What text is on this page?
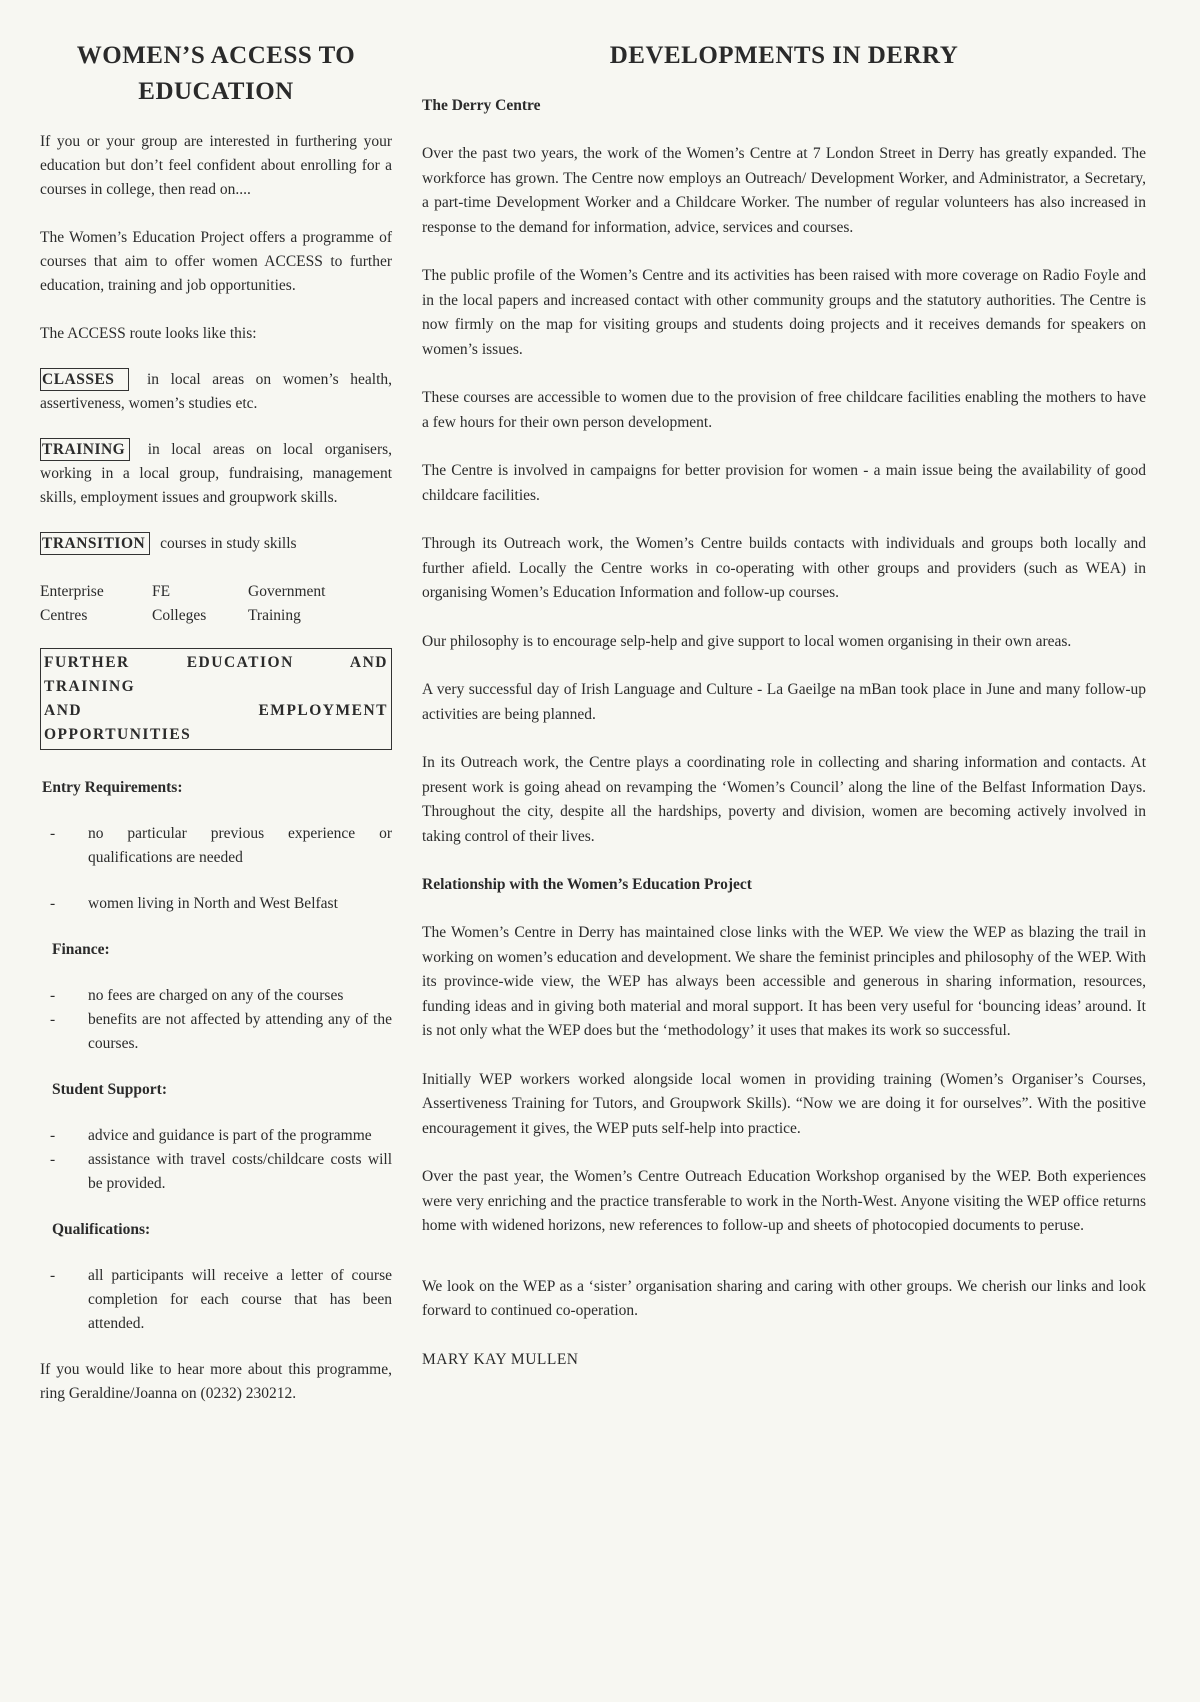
WOMEN’S ACCESS TO
EDUCATION

If you or your group are interested in furthering your education but don’t feel confident about enrolling for a courses in college, then read on....

The Women’s Education Project offers a programme of courses that aim to offer women ACCESS to further education, training and job opportunities.

The ACCESS route looks like this:

CLASSES in local areas on women’s health, assertiveness, women’s studies etc.

TRAINING in local areas on local organisers, working in a local group, fundraising, management skills, employment issues and groupwork skills.

TRANSITION courses in study skills

Enterprise
Centres
FE
Colleges
Government
Training
FURTHER EDUCATION AND
TRAINING
AND EMPLOYMENT
OPPORTUNITIES

Entry Requirements:

- no particular previous experience or qualifications are needed
- women living in North and West Belfast

Finance:

- no fees are charged on any of the courses
- benefits are not affected by attending any of the courses.

Student Support:

- advice and guidance is part of the programme
- assistance with travel costs/childcare costs will be provided.

Qualifications:

- all participants will receive a letter of course completion for each course that has been attended.

If you would like to hear more about this programme, ring Geraldine/Joanna on (0232) 230212.

DEVELOPMENTS IN DERRY

The Derry Centre

Over the past two years, the work of the Women’s Centre at 7 London Street in Derry has greatly expanded. The workforce has grown. The Centre now employs an Outreach/ Development Worker, and Administrator, a Secretary, a part-time Development Worker and a Childcare Worker. The number of regular volunteers has also increased in response to the demand for information, advice, services and courses.

The public profile of the Women’s Centre and its activities has been raised with more coverage on Radio Foyle and in the local papers and increased contact with other community groups and the statutory authorities. The Centre is now firmly on the map for visiting groups and students doing projects and it receives demands for speakers on women’s issues.

These courses are accessible to women due to the provision of free childcare facilities enabling the mothers to have a few hours for their own person development.

The Centre is involved in campaigns for better provision for women - a main issue being the availability of good childcare facilities.

Through its Outreach work, the Women’s Centre builds contacts with individuals and groups both locally and further afield. Locally the Centre works in co-operating with other groups and providers (such as WEA) in organising Women’s Education Information and follow-up courses.

Our philosophy is to encourage selp-help and give support to local women organising in their own areas.

A very successful day of Irish Language and Culture - La Gaeilge na mBan took place in June and many follow-up activities are being planned.

In its Outreach work, the Centre plays a coordinating role in collecting and sharing information and contacts. At present work is going ahead on revamping the ‘Women’s Council’ along the line of the Belfast Information Days. Throughout the city, despite all the hardships, poverty and division, women are becoming actively involved in taking control of their lives.

Relationship with the Women’s Education Project

The Women’s Centre in Derry has maintained close links with the WEP. We view the WEP as blazing the trail in working on women’s education and development. We share the feminist principles and philosophy of the WEP. With its province-wide view, the WEP has always been accessible and generous in sharing information, resources, funding ideas and in giving both material and moral support. It has been very useful for ‘bouncing ideas’ around. It is not only what the WEP does but the ‘methodology’ it uses that makes its work so successful.

Initially WEP workers worked alongside local women in providing training (Women’s Organiser’s Courses, Assertiveness Training for Tutors, and Groupwork Skills). “Now we are doing it for ourselves”. With the positive encouragement it gives, the WEP puts self-help into practice.

Over the past year, the Women’s Centre Outreach Education Workshop organised by the WEP. Both experiences were very enriching and the practice transferable to work in the North-West. Anyone visiting the WEP office returns home with widened horizons, new references to follow-up and sheets of photocopied documents to peruse.

We look on the WEP as a ‘sister’ organisation sharing and caring with other groups. We cherish our links and look forward to continued co-operation.

MARY KAY MULLEN
